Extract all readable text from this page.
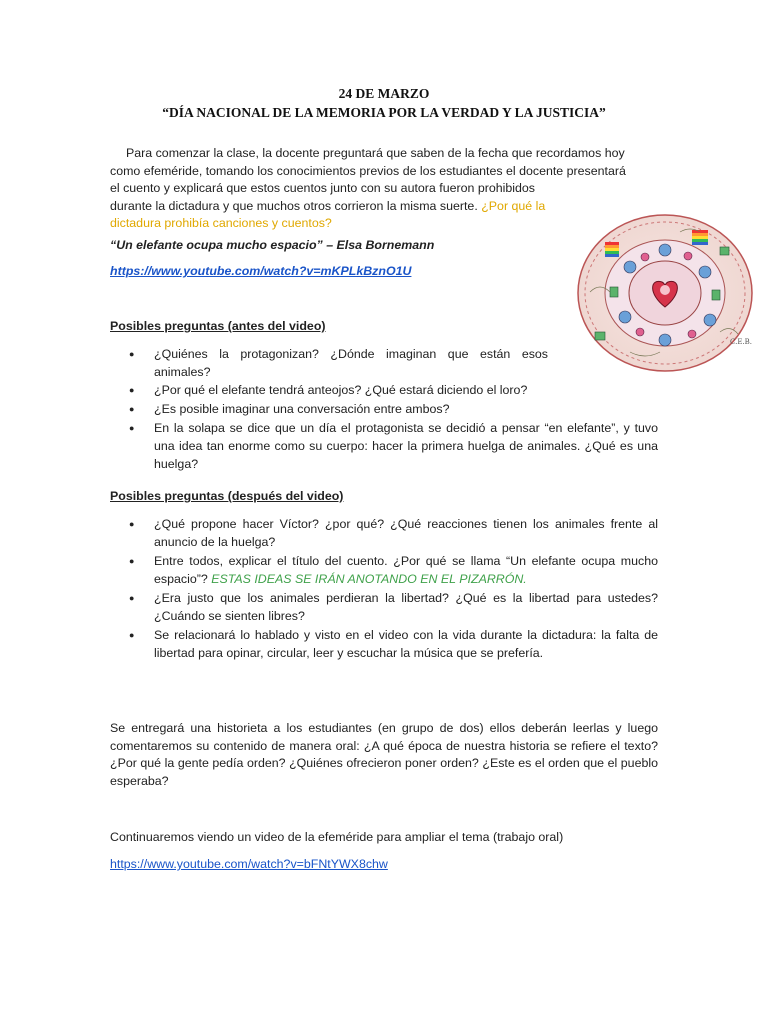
24 DE MARZO
“DÍA NACIONAL DE LA MEMORIA POR LA VERDAD Y LA JUSTICIA”
Para comenzar la clase, la docente preguntará que saben de la fecha que recordamos hoy
como efeméride, tomando los conocimientos previos de los estudiantes el docente presentará
el cuento y explicará que estos cuentos junto con su autora fueron prohibidos
durante la dictadura y que muchos otros corrieron la misma suerte. ¿Por qué la
dictadura prohibía canciones y cuentos?
“Un elefante ocupa mucho espacio” – Elsa Bornemann
https://www.youtube.com/watch?v=mKPLkBznO1U
C.E.B.
Posibles preguntas (antes del video)
● ¿Quiénes la protagonizan? ¿Dónde imaginan que están esos animales?
● ¿Por qué el elefante tendrá anteojos? ¿Qué estará diciendo el loro?
● ¿Es posible imaginar una conversación entre ambos?
● En la solapa se dice que un día el protagonista se decidió a pensar “en elefante”, y tuvo una idea tan enorme como su cuerpo: hacer la primera huelga de animales. ¿Qué es una huelga?
Posibles preguntas (después del video)
● ¿Qué propone hacer Víctor? ¿por qué? ¿Qué reacciones tienen los animales frente al anuncio de la huelga?
● Entre todos, explicar el título del cuento. ¿Por qué se llama “Un elefante ocupa mucho espacio”? ESTAS IDEAS SE IRÁN ANOTANDO EN EL PIZARRÓN.
● ¿Era justo que los animales perdieran la libertad? ¿Qué es la libertad para ustedes? ¿Cuándo se sienten libres?
● Se relacionará lo hablado y visto en el video con la vida durante la dictadura: la falta de libertad para opinar, circular, leer y escuchar la música que se prefería.
Se entregará una historieta a los estudiantes (en grupo de dos) ellos deberán leerlas y luego comentaremos su contenido de manera oral: ¿A qué época de nuestra historia se refiere el texto? ¿Por qué la gente pedía orden? ¿Quiénes ofrecieron poner orden? ¿Este es el orden que el pueblo esperaba?
Continuaremos viendo un video de la efeméride para ampliar el tema (trabajo oral)
https://www.youtube.com/watch?v=bFNtYWX8chw
